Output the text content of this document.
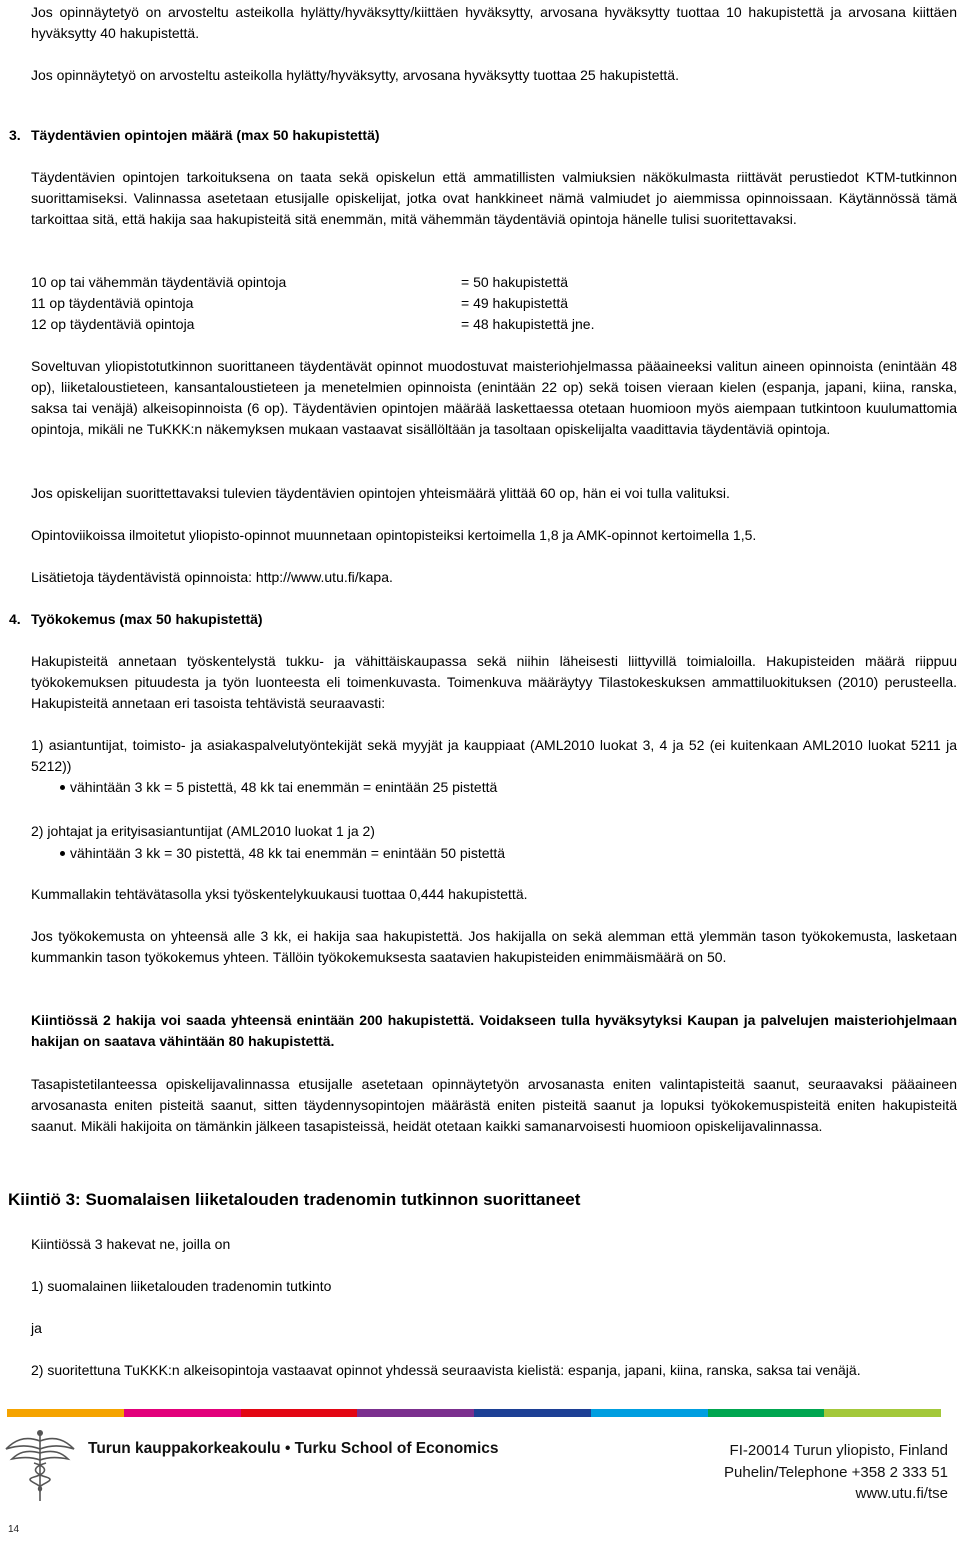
Jos opinnäytetyö on arvosteltu asteikolla hylätty/hyväksytty/kiittäen hyväksytty, arvosana hyväksytty tuottaa 10 hakupistettä ja arvosana kiittäen hyväksytty 40 hakupistettä.

Jos opinnäytetyö on arvosteltu asteikolla hylätty/hyväksytty, arvosana hyväksytty tuottaa 25 hakupistettä.

3. Täydentävien opintojen määrä (max 50 hakupistettä)

Täydentävien opintojen tarkoituksena on taata sekä opiskelun että ammatillisten valmiuksien näkökulmasta riittävät perustiedot KTM-tutkinnon suorittamiseksi. Valinnassa asetetaan etusijalle opiskelijat, jotka ovat hankkineet nämä valmiudet jo aiemmissa opinnoissaan. Käytännössä tämä tarkoittaa sitä, että hakija saa hakupisteitä sitä enemmän, mitä vähemmän täydentäviä opintoja hänelle tulisi suoritettavaksi.

10 op tai vähemmän täydentäviä opintoja	= 50 hakupistettä
11 op täydentäviä opintoja	= 49 hakupistettä
12 op täydentäviä opintoja	= 48 hakupistettä jne.

Soveltuvan yliopistotutkinnon suorittaneen täydentävät opinnot muodostuvat maisteriohjelmassa pääaineeksi valitun aineen opinnoista (enintään 48 op), liiketaloustieteen, kansantaloustieteen ja menetelmien opinnoista (enintään 22 op) sekä toisen vieraan kielen (espanja, japani, kiina, ranska, saksa tai venäjä) alkeisopinnoista (6 op). Täydentävien opintojen määrää laskettaessa otetaan huomioon myös aiempaan tutkintoon kuulumattomia opintoja, mikäli ne TuKKK:n näkemyksen mukaan vastaavat sisällöltään ja tasoltaan opiskelijalta vaadittavia täydentäviä opintoja.

Jos opiskelijan suorittettavaksi tulevien täydentävien opintojen yhteismäärä ylittää 60 op, hän ei voi tulla valituksi.

Opintoviikoissa ilmoitetut yliopisto-opinnot muunnetaan opintopisteiksi kertoimella 1,8 ja AMK-opinnot kertoimella 1,5.

Lisätietoja täydentävistä opinnoista: http://www.utu.fi/kapa.

4. Työkokemus (max 50 hakupistettä)

Hakupisteitä annetaan työskentelystä tukku- ja vähittäiskaupassa sekä niihin läheisesti liittyvillä toimialoilla. Hakupisteiden määrä riippuu työkokemuksen pituudesta ja työn luonteesta eli toimenkuvasta. Toimenkuva määräytyy Tilastokeskuksen ammattiluokituksen (2010) perusteella. Hakupisteitä annetaan eri tasoista tehtävistä seuraavasti:

1) asiantuntijat, toimisto- ja asiakaspalvelutyöntekijät sekä myyjät ja kauppiaat (AML2010 luokat 3, 4 ja 52 (ei kuitenkaan AML2010 luokat 5211 ja 5212))

vähintään 3 kk = 5 pistettä, 48 kk tai enemmän = enintään 25 pistettä
2) johtajat ja erityisasiantuntijat (AML2010 luokat 1 ja 2)
vähintään 3 kk = 30 pistettä, 48 kk tai enemmän = enintään 50 pistettä

Kummallakin tehtävätasolla yksi työskentelykuukausi tuottaa 0,444 hakupistettä.

Jos työkokemusta on yhteensä alle 3 kk, ei hakija saa hakupistettä. Jos hakijalla on sekä alemman että ylemmän tason työkokemusta, lasketaan kummankin tason työkokemus yhteen. Tällöin työkokemuksesta saatavien hakupisteiden enimmäismäärä on 50.

Kiintiössä 2 hakija voi saada yhteensä enintään 200 hakupistettä. Voidakseen tulla hyväksytyksi Kaupan ja palvelujen maisteriohjelmaan hakijan on saatava vähintään 80 hakupistettä.

Tasapistetilanteessa opiskelijavalinnassa etusijalle asetetaan opinnäytetyön arvosanasta eniten valintapisteitä saanut, seuraavaksi pääaineen arvosanasta eniten pisteitä saanut, sitten täydennysopintojen määrästä eniten pisteitä saanut ja lopuksi työkokemuspisteitä eniten hakupisteitä saanut. Mikäli hakijoita on tämänkin jälkeen tasapisteissä, heidät otetaan kaikki samanarvoisesti huomioon opiskelijavalinnassa.

Kiintiö 3: Suomalaisen liiketalouden tradenomin tutkinnon suorittaneet
Kiintiössä 3 hakevat ne, joilla on
1) suomalainen liiketalouden tradenomin tutkinto
ja

2) suoritettuna TuKKK:n alkeisopintoja vastaavat opinnot yhdessä seuraavista kielistä: espanja, japani, kiina, ranska, saksa tai venäjä.

Turun kauppakorkeakoulu • Turku School of Economics	FI-20014 Turun yliopisto, Finland
Puhelin/Telephone +358 2 333 51
www.utu.fi/tse
14
